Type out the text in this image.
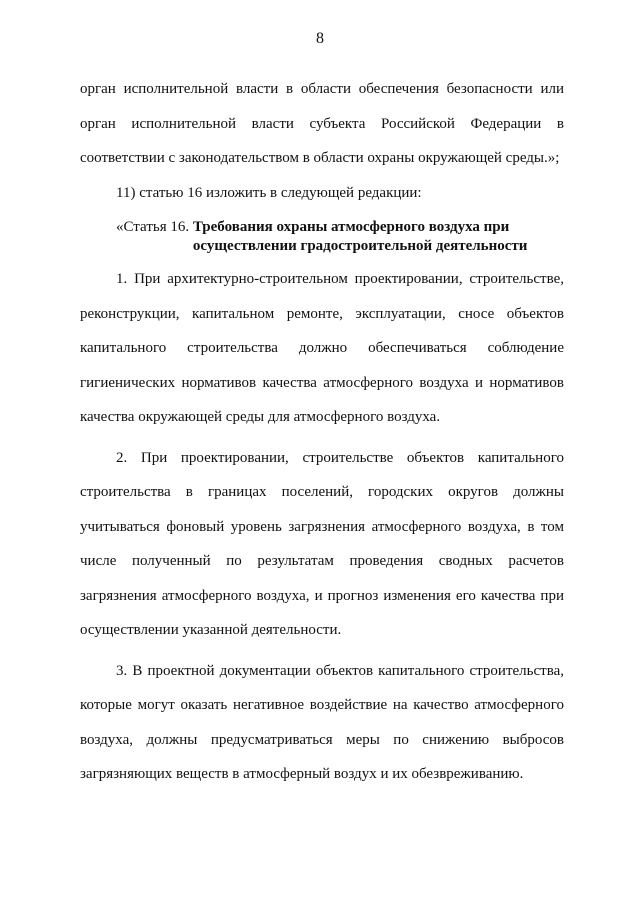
8

орган исполнительной власти в области обеспечения безопасности или орган исполнительной власти субъекта Российской Федерации в соответствии с законодательством в области охраны окружающей среды.»;

11) статью 16 изложить в следующей редакции:

«Статья 16. Требования охраны атмосферного воздуха при осуществлении градостроительной деятельности

1. При архитектурно-строительном проектировании, строительстве, реконструкции, капитальном ремонте, эксплуатации, сносе объектов капитального строительства должно обеспечиваться соблюдение гигиенических нормативов качества атмосферного воздуха и нормативов качества окружающей среды для атмосферного воздуха.

2. При проектировании, строительстве объектов капитального строительства в границах поселений, городских округов должны учитываться фоновый уровень загрязнения атмосферного воздуха, в том числе полученный по результатам проведения сводных расчетов загрязнения атмосферного воздуха, и прогноз изменения его качества при осуществлении указанной деятельности.

3. В проектной документации объектов капитального строительства, которые могут оказать негативное воздействие на качество атмосферного воздуха, должны предусматриваться меры по снижению выбросов загрязняющих веществ в атмосферный воздух и их обезвреживанию.
